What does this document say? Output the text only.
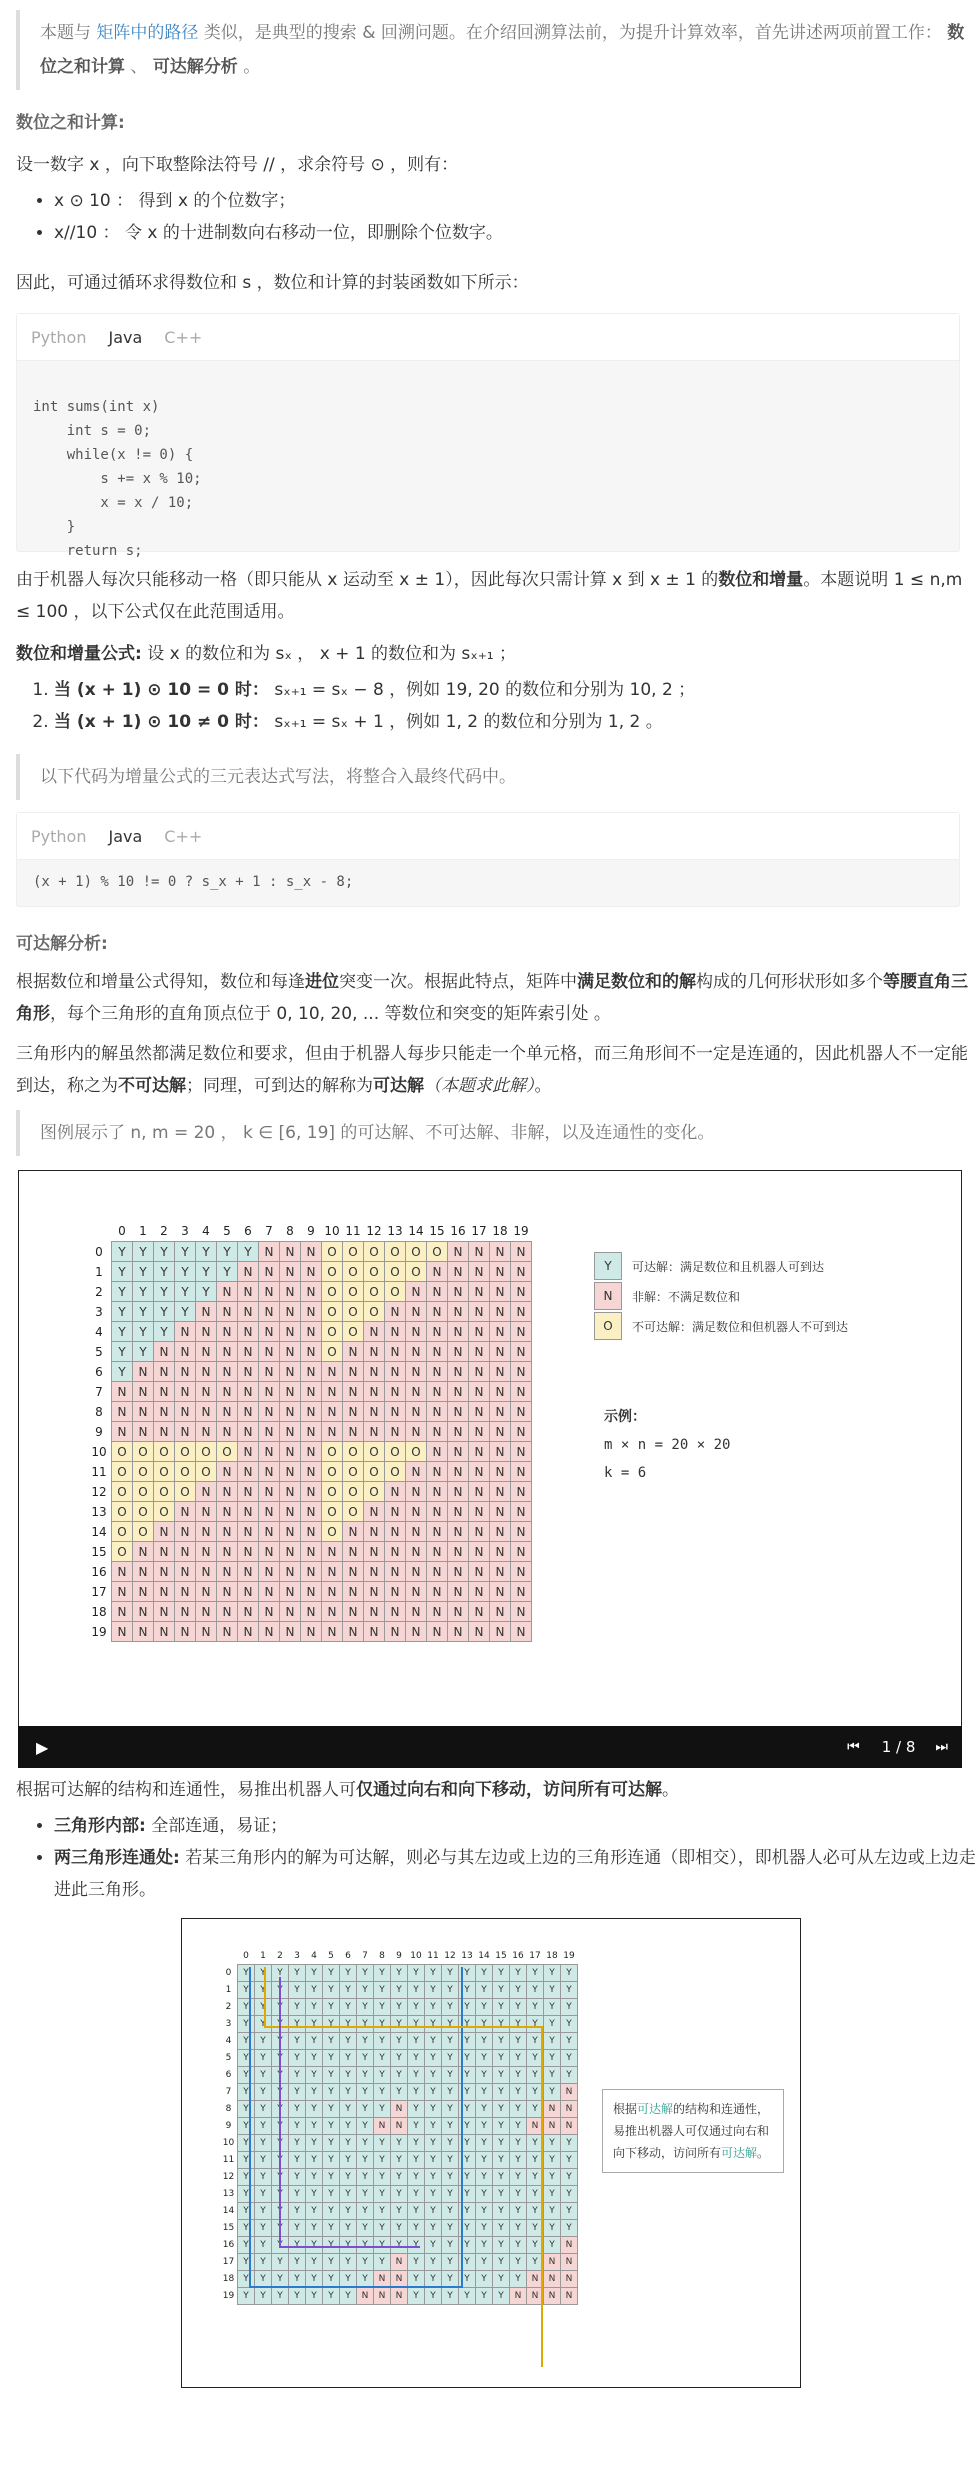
本题与 矩阵中的路径 类似，是典型的搜索 & 回溯问题。在介绍回溯算法前，为提升计算效率，首先讲述两项前置工作： 数位之和计算 、 可达解分析 。
数位之和计算:

设一数字 x ，向下取整除法符号 // ，求余符号 ⊙ ，则有：

• x ⊙ 10 ： 得到 x 的个位数字；
• x//10 ： 令 x 的十进制数向右移动一位，即删除个位数字。

因此，可通过循环求得数位和 s ，数位和计算的封装函数如下所示：

Python Java C++

int sums(int x)
int s = 0;
while(x != 0) {
s += x % 10;
x = x / 10;
}
return s;

由于机器人每次只能移动一格（即只能从 x 运动至 x ± 1），因此每次只需计算 x 到 x ± 1 的数位和增量。本题说明 1 ≤ n,m ≤ 100 ，以下公式仅在此范围适用。

数位和增量公式: 设 x 的数位和为 sₓ ， x + 1 的数位和为 sₓ₊₁ ；

1. 当 (x + 1) ⊙ 10 = 0 时： sₓ₊₁ = sₓ − 8 ，例如 19, 20 的数位和分别为 10, 2 ；
2. 当 (x + 1) ⊙ 10 ≠ 0 时： sₓ₊₁ = sₓ + 1 ，例如 1, 2 的数位和分别为 1, 2 。
以下代码为增量公式的三元表达式写法，将整合入最终代码中。
Python Java C++
(x + 1) % 10 != 0 ? s_x + 1 : s_x - 8;
可达解分析:

根据数位和增量公式得知，数位和每逢进位突变一次。根据此特点，矩阵中满足数位和的解构成的几何形状形如多个等腰直角三角形，每个三角形的直角顶点位于 0, 10, 20, ... 等数位和突变的矩阵索引处 。

三角形内的解虽然都满足数位和要求，但由于机器人每步只能走一个单元格，而三角形间不一定是连通的，因此机器人不一定能到达，称之为不可达解；同理，可到达的解称为可达解（本题求此解）。

图例展示了 n, m = 20 ， k ∈ [6, 19] 的可达解、不可达解、非解，以及连通性的变化。
	0	1	2	3	4	5	6	7	8	9	10	11	12	13	14	15	16	17	18	19
0	Y	Y	Y	Y	Y	Y	Y	N	N	N	O	O	O	O	O	O	N	N	N	N
1	Y	Y	Y	Y	Y	Y	N	N	N	N	O	O	O	O	O	N	N	N	N	N
2	Y	Y	Y	Y	Y	N	N	N	N	N	O	O	O	O	N	N	N	N	N	N
3	Y	Y	Y	Y	N	N	N	N	N	N	O	O	O	N	N	N	N	N	N	N
4	Y	Y	Y	N	N	N	N	N	N	N	O	O	N	N	N	N	N	N	N	N
5	Y	Y	N	N	N	N	N	N	N	N	O	N	N	N	N	N	N	N	N	N
6	Y	N	N	N	N	N	N	N	N	N	N	N	N	N	N	N	N	N	N	N
7	N	N	N	N	N	N	N	N	N	N	N	N	N	N	N	N	N	N	N	N
8	N	N	N	N	N	N	N	N	N	N	N	N	N	N	N	N	N	N	N	N
9	N	N	N	N	N	N	N	N	N	N	N	N	N	N	N	N	N	N	N	N
10	O	O	O	O	O	O	N	N	N	N	O	O	O	O	O	N	N	N	N	N
11	O	O	O	O	O	N	N	N	N	N	O	O	O	O	N	N	N	N	N	N
12	O	O	O	O	N	N	N	N	N	N	O	O	O	N	N	N	N	N	N	N
13	O	O	O	N	N	N	N	N	N	N	O	O	N	N	N	N	N	N	N	N
14	O	O	N	N	N	N	N	N	N	N	O	N	N	N	N	N	N	N	N	N
15	O	N	N	N	N	N	N	N	N	N	N	N	N	N	N	N	N	N	N	N
16	N	N	N	N	N	N	N	N	N	N	N	N	N	N	N	N	N	N	N	N
17	N	N	N	N	N	N	N	N	N	N	N	N	N	N	N	N	N	N	N	N
18	N	N	N	N	N	N	N	N	N	N	N	N	N	N	N	N	N	N	N	N
19	N	N	N	N	N	N	N	N	N	N	N	N	N	N	N	N	N	N	N	N
Y	可达解：满足数位和且机器人可到达
N	非解：不满足数位和
O	不可达解：满足数位和但机器人不可到达
示例：
m × n = 20 × 20
k = 6
▶	⏮ 1 / 8 ⏭

根据可达解的结构和连通性，易推出机器人可仅通过向右和向下移动，访问所有可达解。

• 三角形内部: 全部连通，易证；
• 两三角形连通处: 若某三角形内的解为可达解，则必与其左边或上边的三角形连通（即相交），即机器人必可从左边或上边走进此三角形。
	0	1	2	3	4	5	6	7	8	9	10	11	12	13	14	15	16	17	18	19
0	Y	Y	Y	Y	Y	Y	Y	Y	Y	Y	Y	Y	Y	Y	Y	Y	Y	Y	Y	Y
1	Y	Y	Y	Y	Y	Y	Y	Y	Y	Y	Y	Y	Y	Y	Y	Y	Y	Y	Y	Y
2	Y	Y	Y	Y	Y	Y	Y	Y	Y	Y	Y	Y	Y	Y	Y	Y	Y	Y	Y	Y
3	Y	Y	Y	Y	Y	Y	Y	Y	Y	Y	Y	Y	Y	Y	Y	Y	Y	Y	Y	Y
4	Y	Y	Y	Y	Y	Y	Y	Y	Y	Y	Y	Y	Y	Y	Y	Y	Y	Y	Y	Y
5	Y	Y	Y	Y	Y	Y	Y	Y	Y	Y	Y	Y	Y	Y	Y	Y	Y	Y	Y	Y
6	Y	Y	Y	Y	Y	Y	Y	Y	Y	Y	Y	Y	Y	Y	Y	Y	Y	Y	Y	Y
7	Y	Y	Y	Y	Y	Y	Y	Y	Y	Y	Y	Y	Y	Y	Y	Y	Y	Y	Y	N
8	Y	Y	Y	Y	Y	Y	Y	Y	Y	N	Y	Y	Y	Y	Y	Y	Y	Y	N	N
9	Y	Y	Y	Y	Y	Y	Y	Y	N	N	Y	Y	Y	Y	Y	Y	Y	N	N	N
10	Y	Y	Y	Y	Y	Y	Y	Y	Y	Y	Y	Y	Y	Y	Y	Y	Y	Y	Y	Y
11	Y	Y	Y	Y	Y	Y	Y	Y	Y	Y	Y	Y	Y	Y	Y	Y	Y	Y	Y	Y
12	Y	Y	Y	Y	Y	Y	Y	Y	Y	Y	Y	Y	Y	Y	Y	Y	Y	Y	Y	Y
13	Y	Y	Y	Y	Y	Y	Y	Y	Y	Y	Y	Y	Y	Y	Y	Y	Y	Y	Y	Y
14	Y	Y	Y	Y	Y	Y	Y	Y	Y	Y	Y	Y	Y	Y	Y	Y	Y	Y	Y	Y
15	Y	Y	Y	Y	Y	Y	Y	Y	Y	Y	Y	Y	Y	Y	Y	Y	Y	Y	Y	Y
16	Y	Y	Y	Y	Y	Y	Y	Y	Y	Y	Y	Y	Y	Y	Y	Y	Y	Y	Y	N
17	Y	Y	Y	Y	Y	Y	Y	Y	Y	N	Y	Y	Y	Y	Y	Y	Y	Y	N	N
18	Y	Y	Y	Y	Y	Y	Y	Y	N	N	Y	Y	Y	Y	Y	Y	Y	N	N	N
19	Y	Y	Y	Y	Y	Y	Y	N	N	N	Y	Y	Y	Y	Y	Y	N	N	N	N
根据可达解的结构和连通性，易推出机器人可仅通过向右和向下移动，访问所有可达解。
